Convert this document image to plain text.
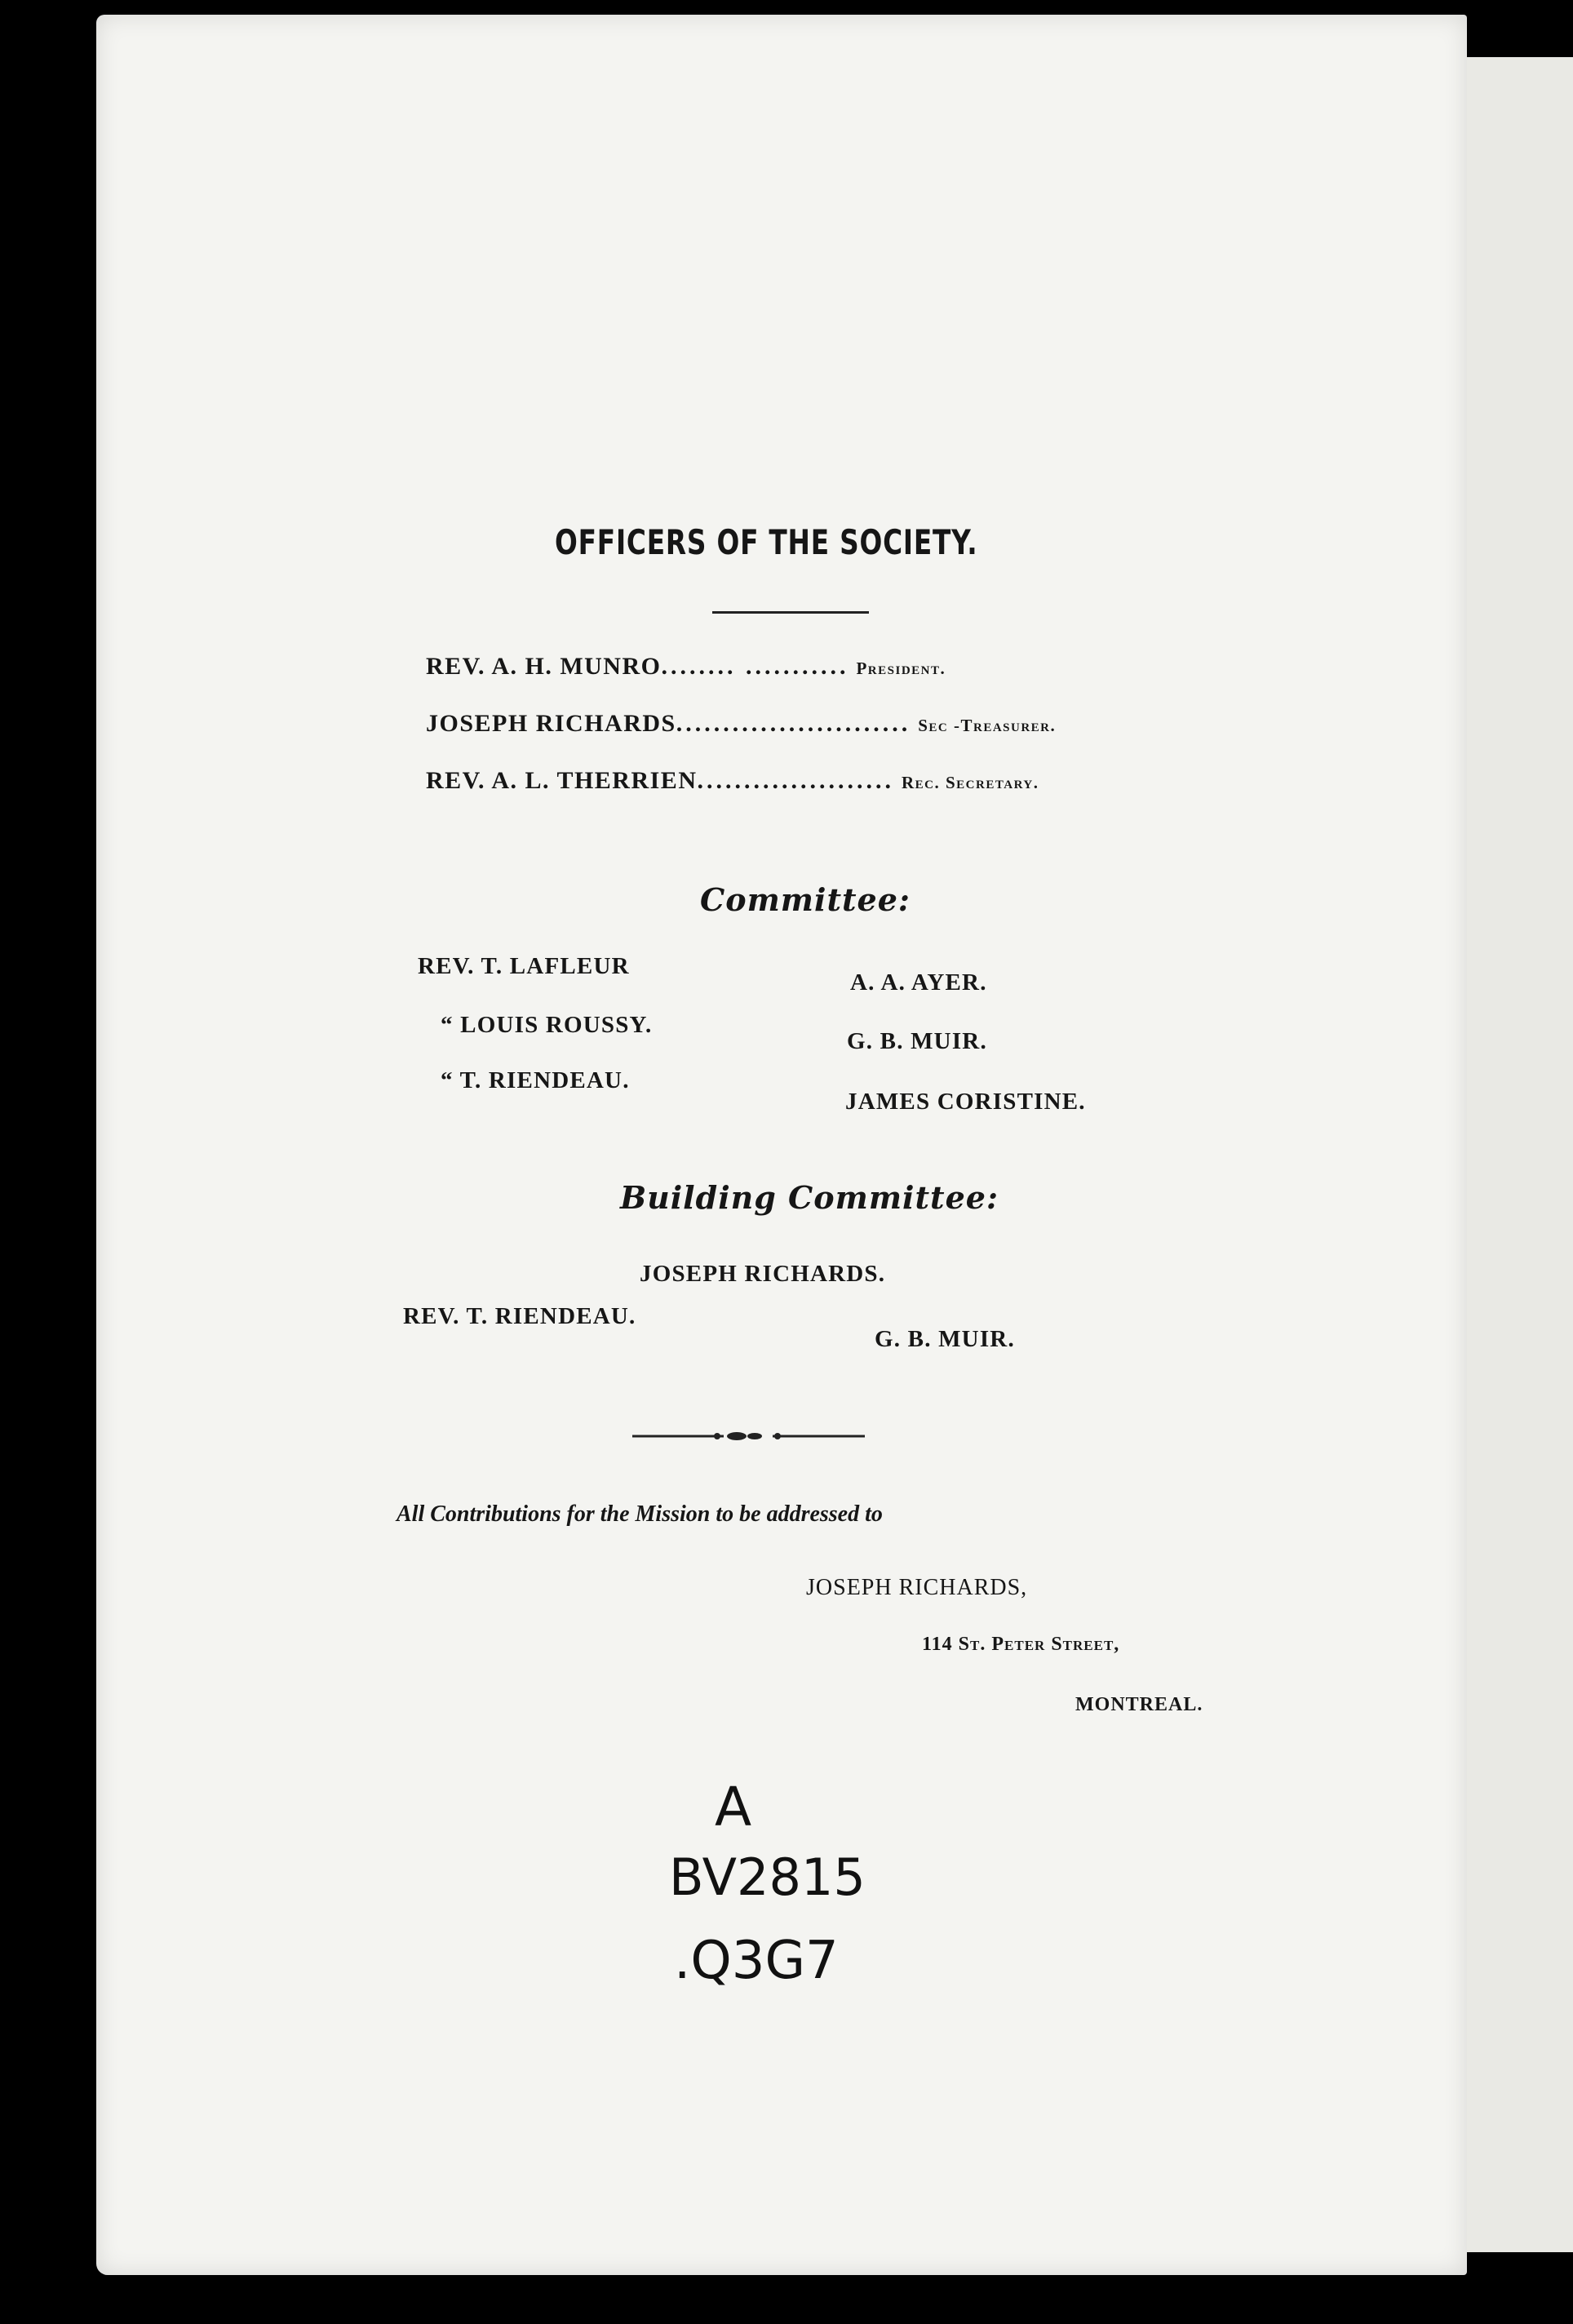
OFFICERS OF THE SOCIETY.
REV. A. H. MUNRO........ ........... President.
JOSEPH RICHARDS......................... Sec -Treasurer.
REV. A. L. THERRIEN..................... Rec. Secretary.
Committee:
REV. T. LAFLEUR
“ LOUIS ROUSSY.
“ T. RIENDEAU.
A. A. AYER.
G. B. MUIR.
JAMES CORISTINE.
Building Committee:
JOSEPH RICHARDS.
REV. T. RIENDEAU.
G. B. MUIR.
All Contributions for the Mission to be addressed to
JOSEPH RICHARDS,
114 St. Peter Street,
MONTREAL.
A
BV2815
.Q3G7
